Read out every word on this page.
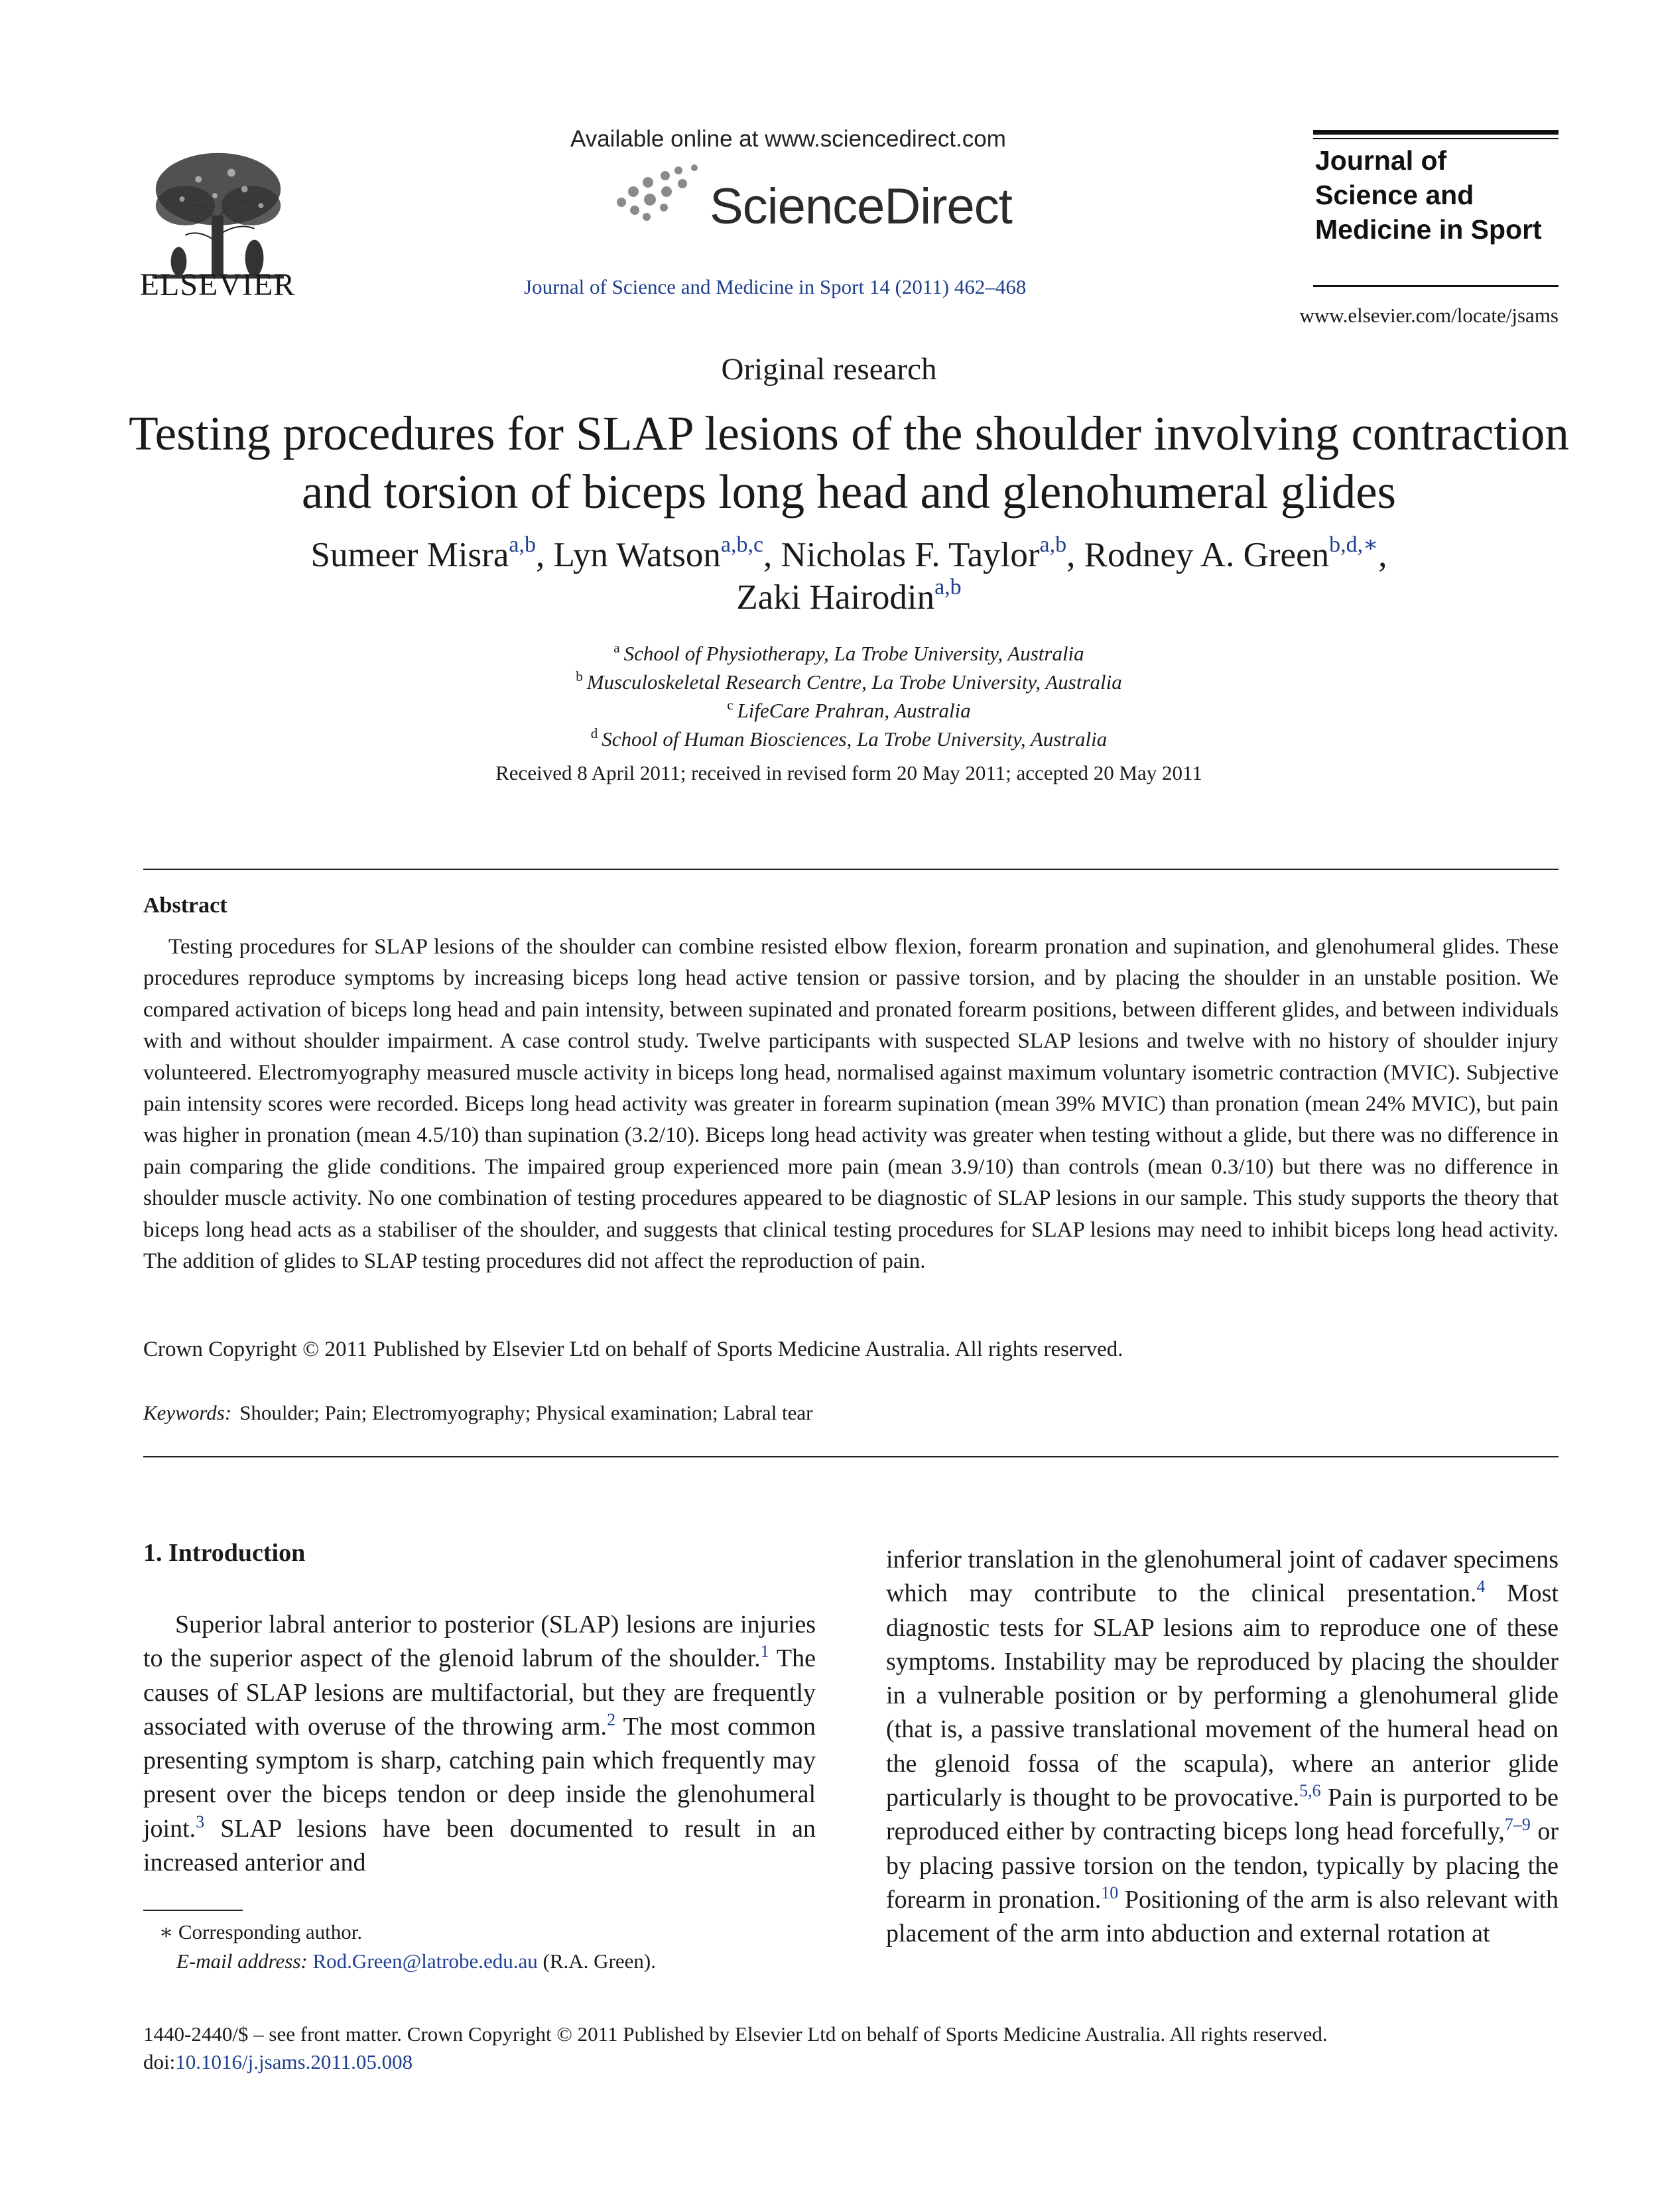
ELSEVIER
Available online at www.sciencedirect.com
ScienceDirect
Journal of Science and Medicine in Sport 14 (2011) 462–468
Journal of Science and Medicine in Sport
www.elsevier.com/locate/jsams
Original research
Testing procedures for SLAP lesions of the shoulder involving contraction
and torsion of biceps long head and glenohumeral glides
Sumeer Misra$^{a,b}$, Lyn Watson$^{a,b,c}$, Nicholas F. Taylor$^{a,b}$, Rodney A. Green$^{b,d,∗}$,
Zaki Hairodin$^{a,b}$
$^a$ School of Physiotherapy, La Trobe University, Australia
$^b$ Musculoskeletal Research Centre, La Trobe University, Australia
$^c$ LifeCare Prahran, Australia
$^d$ School of Human Biosciences, La Trobe University, Australia
Received 8 April 2011; received in revised form 20 May 2011; accepted 20 May 2011
Abstract
Testing procedures for SLAP lesions of the shoulder can combine resisted elbow flexion, forearm pronation and supination, and glenohumeral glides. These procedures reproduce symptoms by increasing biceps long head active tension or passive torsion, and by placing the shoulder in an unstable position. We compared activation of biceps long head and pain intensity, between supinated and pronated forearm positions, between different glides, and between individuals with and without shoulder impairment. A case control study. Twelve participants with suspected SLAP lesions and twelve with no history of shoulder injury volunteered. Electromyography measured muscle activity in biceps long head, normalised against maximum voluntary isometric contraction (MVIC). Subjective pain intensity scores were recorded. Biceps long head activity was greater in forearm supination (mean 39% MVIC) than pronation (mean 24% MVIC), but pain was higher in pronation (mean 4.5/10) than supination (3.2/10). Biceps long head activity was greater when testing without a glide, but there was no difference in pain comparing the glide conditions. The impaired group experienced more pain (mean 3.9/10) than controls (mean 0.3/10) but there was no difference in shoulder muscle activity. No one combination of testing procedures appeared to be diagnostic of SLAP lesions in our sample. This study supports the theory that biceps long head acts as a stabiliser of the shoulder, and suggests that clinical testing procedures for SLAP lesions may need to inhibit biceps long head activity. The addition of glides to SLAP testing procedures did not affect the reproduction of pain.
Crown Copyright © 2011 Published by Elsevier Ltd on behalf of Sports Medicine Australia. All rights reserved.
Keywords: Shoulder; Pain; Electromyography; Physical examination; Labral tear
1. Introduction

Superior labral anterior to posterior (SLAP) lesions are injuries to the superior aspect of the glenoid labrum of the shoulder.$^1$ The causes of SLAP lesions are multifactorial, but they are frequently associated with overuse of the throwing arm.$^2$ The most common presenting symptom is sharp, catching pain which frequently may present over the biceps tendon or deep inside the glenohumeral joint.$^3$ SLAP lesions have been documented to result in an increased anterior and

inferior translation in the glenohumeral joint of cadaver specimens which may contribute to the clinical presentation.$^4$ Most diagnostic tests for SLAP lesions aim to reproduce one of these symptoms. Instability may be reproduced by placing the shoulder in a vulnerable position or by performing a glenohumeral glide (that is, a passive translational movement of the humeral head on the glenoid fossa of the scapula), where an anterior glide particularly is thought to be provocative.$^{5,6}$ Pain is purported to be reproduced either by contracting biceps long head forcefully,$^{7-9}$ or by placing passive torsion on the tendon, typically by placing the forearm in pronation.$^{10}$ Positioning of the arm is also relevant with placement of the arm into abduction and external rotation at

∗ Corresponding author.
E-mail address: Rod.Green@latrobe.edu.au (R.A. Green).
1440-2440/$ – see front matter. Crown Copyright © 2011 Published by Elsevier Ltd on behalf of Sports Medicine Australia. All rights reserved.
doi:10.1016/j.jsams.2011.05.008
